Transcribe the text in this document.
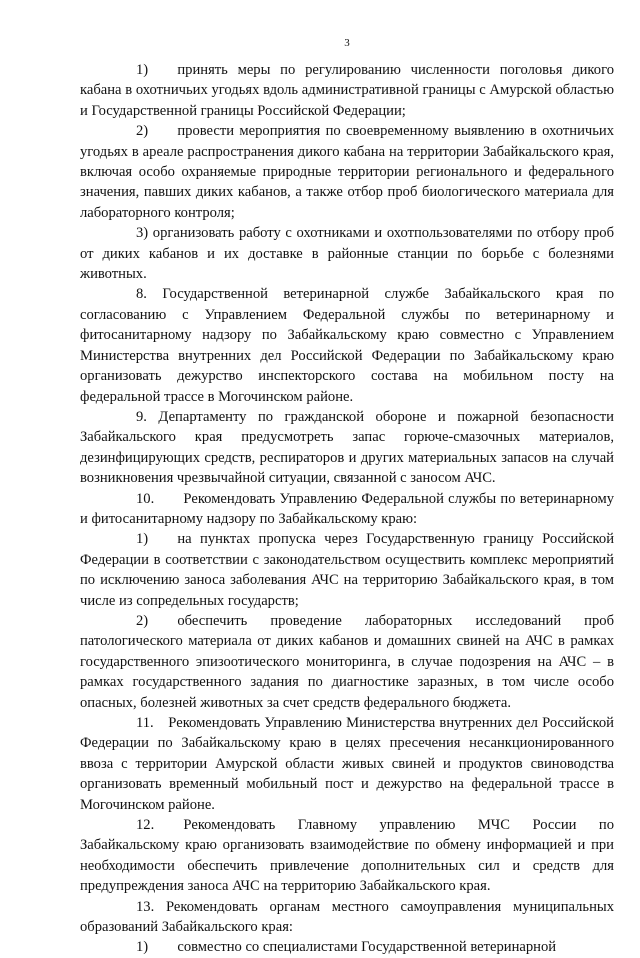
3

1)  принять меры по регулированию численности поголовья дикого кабана в охотничьих угодьях вдоль административной границы с Амурской областью и Государственной границы Российской Федерации;

2)  провести мероприятия по своевременному выявлению в охотничьих угодьях в ареале распространения дикого кабана на территории Забайкальского края, включая особо охраняемые природные территории регионального и федерального значения, павших диких кабанов, а также отбор проб биологического материала для лабораторного контроля;

3) организовать работу с охотниками и охотпользователями по отбору проб от диких кабанов и их доставке в районные станции по борьбе с болезнями животных.

8. Государственной ветеринарной службе Забайкальского края по согласованию с Управлением Федеральной службы по ветеринарному и фитосанитарному надзору по Забайкальскому краю совместно с Управлением Министерства внутренних дел Российской Федерации по Забайкальскому краю организовать дежурство инспекторского состава на мобильном посту на федеральной трассе в Могочинском районе.

9. Департаменту по гражданской обороне и пожарной безопасности Забайкальского края предусмотреть запас горюче-смазочных материалов, дезинфицирующих средств, респираторов и других материальных запасов на случай возникновения чрезвычайной ситуации, связанной с заносом АЧС.

10.  Рекомендовать Управлению Федеральной службы по ветеринарному и фитосанитарному надзору по Забайкальскому краю:

1)  на пунктах пропуска через Государственную границу Российской Федерации в соответствии с законодательством осуществить комплекс мероприятий по исключению заноса заболевания АЧС на территорию Забайкальского края, в том числе из сопредельных государств;

2)  обеспечить проведение лабораторных исследований проб патологического материала от диких кабанов и домашних свиней на АЧС в рамках государственного эпизоотического мониторинга, в случае подозрения на АЧС – в рамках государственного задания по диагностике заразных, в том числе особо опасных, болезней животных за счет средств федерального бюджета.

11. Рекомендовать Управлению Министерства внутренних дел Российской Федерации по Забайкальскому краю в целях пресечения несанкционированного ввоза с территории Амурской области живых свиней и продуктов свиноводства организовать временный мобильный пост и дежурство на федеральной трассе в Могочинском районе.

12.  Рекомендовать Главному управлению МЧС России по Забайкальскому краю организовать взаимодействие по обмену информацией и при необходимости обеспечить привлечение дополнительных сил и средств для предупреждения заноса АЧС на территорию Забайкальского края.

13. Рекомендовать органам местного самоуправления муниципальных образований Забайкальского края:

1)  совместно со специалистами Государственной ветеринарной
